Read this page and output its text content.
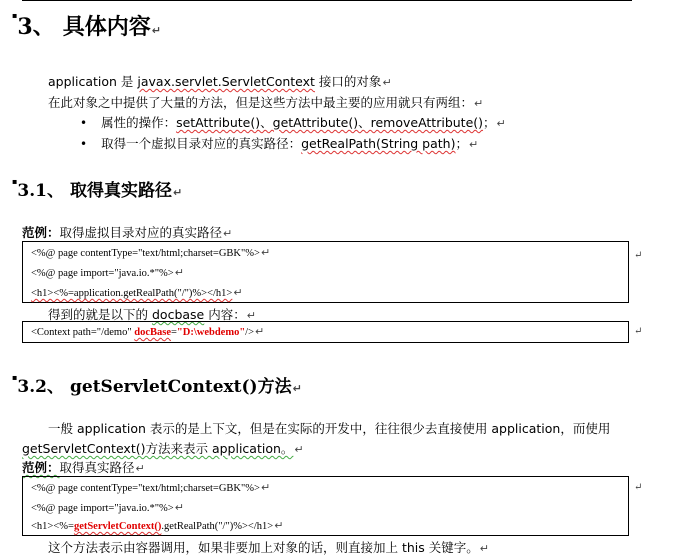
▪3、 具体内容↵
application 是 javax.servlet.ServletContext 接口的对象↵
在此对象之中提供了大量的方法，但是这些方法中最主要的应用就只有两组：↵
• 属性的操作：setAttribute()、getAttribute()、removeAttribute()；↵
• 取得一个虚拟目录对应的真实路径：getRealPath(String path)；↵
▪3.1、 取得真实路径↵
范例：取得虚拟目录对应的真实路径↵
<%@ page contentType="text/html;charset=GBK"%>↵
<%@ page import="java.io.*"%>↵
<h1><%=application.getRealPath("/")%></h1>↵
↵
得到的就是以下的 docbase 内容：↵
<Context path="/demo" docBase="D:\webdemo"/>↵	↵
▪3.2、 getServletContext()方法↵
一般 application 表示的是上下文，但是在实际的开发中，往往很少去直接使用 application，而使用
getServletContext()方法来表示 application。↵
范例：取得真实路径↵
<%@ page contentType="text/html;charset=GBK"%>↵
<%@ page import="java.io.*"%>↵
<h1><%=getServletContext().getRealPath("/")%></h1>↵
↵
这个方法表示由容器调用，如果非要加上对象的话，则直接加上 this 关键字。↵
